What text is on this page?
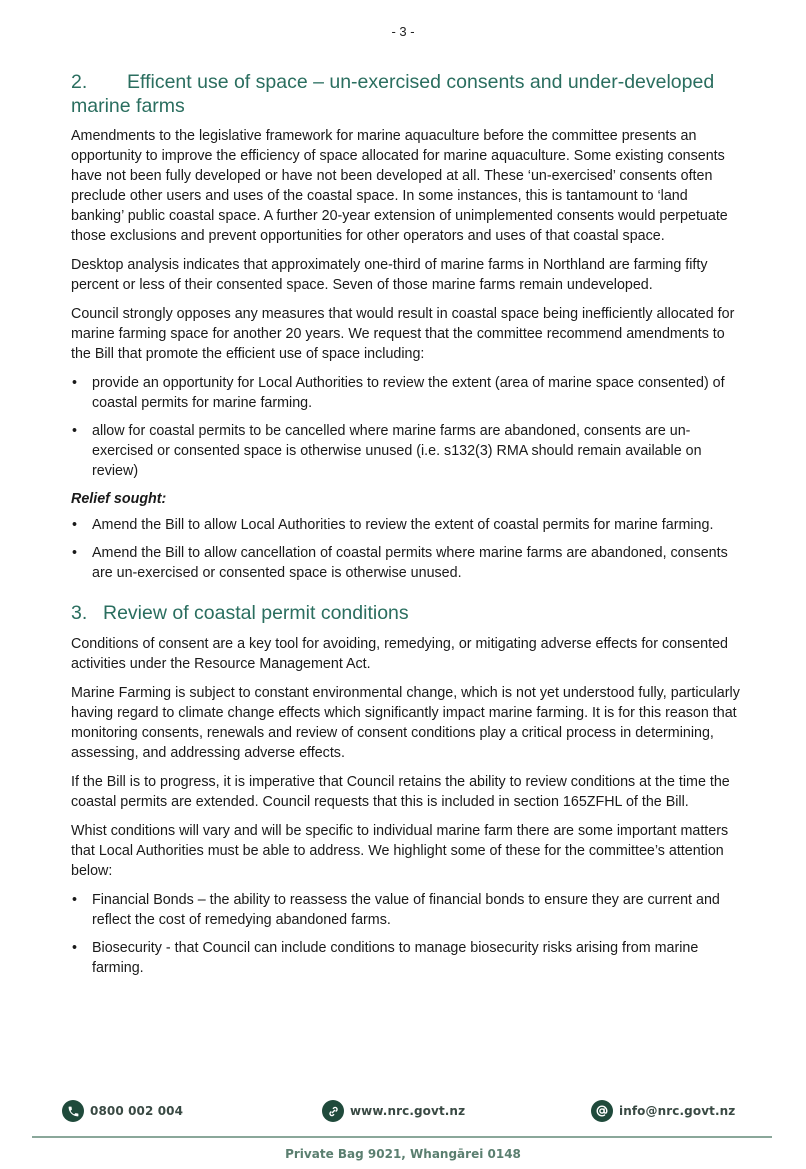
- 3 -
2. Efficent use of space – un-exercised consents and under-developed
marine farms

Amendments to the legislative framework for marine aquaculture before the committee presents an opportunity to improve the efficiency of space allocated for marine aquaculture. Some existing consents have not been fully developed or have not been developed at all. These ‘un-exercised’ consents often preclude other users and uses of the coastal space. In some instances, this is tantamount to ‘land banking’ public coastal space. A further 20-year extension of unimplemented consents would perpetuate those exclusions and prevent opportunities for other operators and uses of that coastal space.

Desktop analysis indicates that approximately one-third of marine farms in Northland are farming fifty percent or less of their consented space. Seven of those marine farms remain undeveloped.

Council strongly opposes any measures that would result in coastal space being inefficiently allocated for marine farming space for another 20 years. We request that the committee recommend amendments to the Bill that promote the efficient use of space including:

• provide an opportunity for Local Authorities to review the extent (area of marine space consented) of coastal permits for marine farming.
• allow for coastal permits to be cancelled where marine farms are abandoned, consents are un-exercised or consented space is otherwise unused (i.e. s132(3) RMA should remain available on review)

Relief sought:

• Amend the Bill to allow Local Authorities to review the extent of coastal permits for marine farming.
• Amend the Bill to allow cancellation of coastal permits where marine farms are abandoned, consents are un-exercised or consented space is otherwise unused.
3. Review of coastal permit conditions

Conditions of consent are a key tool for avoiding, remedying, or mitigating adverse effects for consented activities under the Resource Management Act.

Marine Farming is subject to constant environmental change, which is not yet understood fully, particularly having regard to climate change effects which significantly impact marine farming. It is for this reason that monitoring consents, renewals and review of consent conditions play a critical process in determining, assessing, and addressing adverse effects.

If the Bill is to progress, it is imperative that Council retains the ability to review conditions at the time the coastal permits are extended. Council requests that this is included in section 165ZFHL of the Bill.

Whist conditions will vary and will be specific to individual marine farm there are some important matters that Local Authorities must be able to address. We highlight some of these for the committee’s attention below:

• Financial Bonds – the ability to reassess the value of financial bonds to ensure they are current and reflect the cost of remedying abandoned farms.
• Biosecurity - that Council can include conditions to manage biosecurity risks arising from marine farming.
0800 002 004	www.nrc.govt.nz	info@nrc.govt.nz
Private Bag 9021, Whangārei 0148
